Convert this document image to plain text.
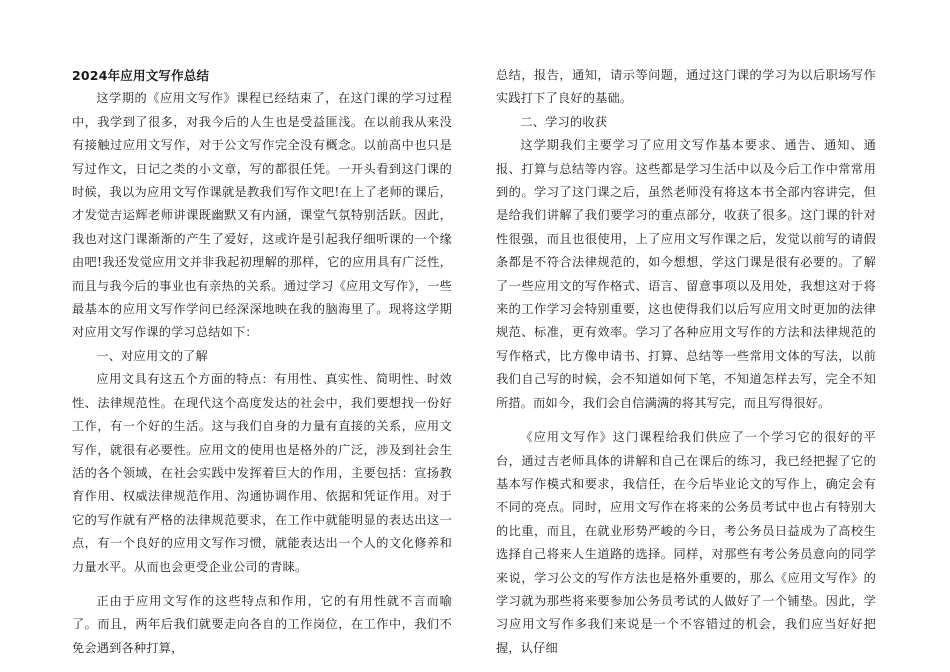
2024年应用文写作总结

这学期的《应用文写作》课程已经结束了，在这门课的学习过程中，我学到了很多，对我今后的人生也是受益匪浅。在以前我从来没有接触过应用文写作，对于公文写作完全没有概念。以前高中也只是写过作文，日记之类的小文章，写的都很任凭。一开头看到这门课的时候，我以为应用文写作课就是教我们写作文吧!在上了老师的课后，才发觉吉运辉老师讲课既幽默又有内涵，课堂气氛特别活跃。因此，我也对这门课渐渐的产生了爱好，这或许是引起我仔细听课的一个缘由吧!我还发觉应用文并非我起初理解的那样，它的应用具有广泛性，而且与我今后的事业也有亲热的关系。通过学习《应用文写作》，一些最基本的应用文写作学问已经深深地映在我的脑海里了。现将这学期对应用文写作课的学习总结如下：

一、对应用文的了解

应用文具有这五个方面的特点：有用性、真实性、简明性、时效性、法律规范性。在现代这个高度发达的社会中，我们要想找一份好工作，有一个好的生活。这与我们自身的力量有直接的关系，应用文写作，就很有必要性。应用文的使用也是格外的广泛，涉及到社会生活的各个领域，在社会实践中发挥着巨大的作用，主要包括：宣扬教育作用、权威法律规范作用、沟通协调作用、依据和凭证作用。对于它的写作就有严格的法律规范要求，在工作中就能明显的表达出这一点，有一个良好的应用文写作习惯，就能表达出一个人的文化修养和力量水平。从而也会更受企业公司的青睐。

正由于应用文写作的这些特点和作用，它的有用性就不言而喻了。而且，两年后我们就要走向各自的工作岗位，在工作中，我们不免会遇到各种打算，

总结，报告，通知，请示等问题，通过这门课的学习为以后职场写作实践打下了良好的基础。

二、学习的收获

这学期我们主要学习了应用文写作基本要求、通告、通知、通报、打算与总结等内容。这些都是学习生活中以及今后工作中常常用到的。学习了这门课之后，虽然老师没有将这本书全部内容讲完，但是给我们讲解了我们要学习的重点部分，收获了很多。这门课的针对性很强，而且也很使用，上了应用文写作课之后，发觉以前写的请假条都是不符合法律规范的，如今想想，学这门课是很有必要的。了解了一些应用文的写作格式、语言、留意事项以及用处，我想这对于将来的工作学习会特别重要，这也使得我们以后写应用文时更加的法律规范、标准，更有效率。学习了各种应用文写作的方法和法律规范的写作格式，比方像申请书、打算、总结等一些常用文体的写法，以前我们自己写的时候，会不知道如何下笔，不知道怎样去写，完全不知所措。而如今，我们会自信满满的将其写完，而且写得很好。

《应用文写作》这门课程给我们供应了一个学习它的很好的平台，通过吉老师具体的讲解和自己在课后的练习，我已经把握了它的基本写作模式和要求，我信任，在今后毕业论文的写作上，确定会有不同的亮点。同时，应用文写作在将来的公务员考试中也占有特别大的比重，而且，在就业形势严峻的今日，考公务员日益成为了高校生选择自己将来人生道路的选择。同样，对那些有考公务员意向的同学来说，学习公文的写作方法也是格外重要的，那么《应用文写作》的学习就为那些将来要参加公务员考试的人做好了一个铺垫。因此，学习应用文写作多我们来说是一个不容错过的机会，我们应当好好把握，认仔细
